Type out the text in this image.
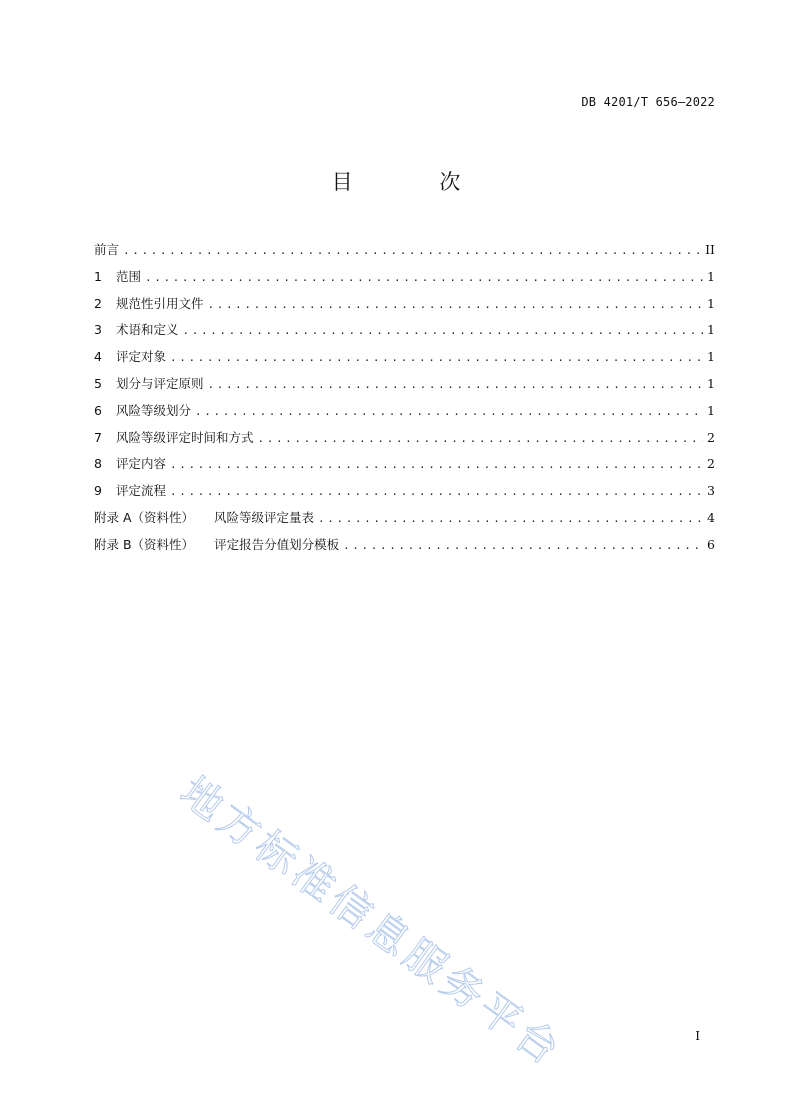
DB 4201/T 656—2022
目 次
前言 .....	II
1	范围 .....	1
2	规范性引用文件 .....	1
3	术语和定义 .....	1
4	评定对象 .....	1
5	划分与评定原则 .....	1
6	风险等级划分 .....	1
7	风险等级评定时间和方式 .....	2
8	评定内容 .....	2
9	评定流程 .....	3
附录 A（资料性） 风险等级评定量表 .....	4
附录 B（资料性） 评定报告分值划分模板 .....	6
地方标准信息服务平台	I
